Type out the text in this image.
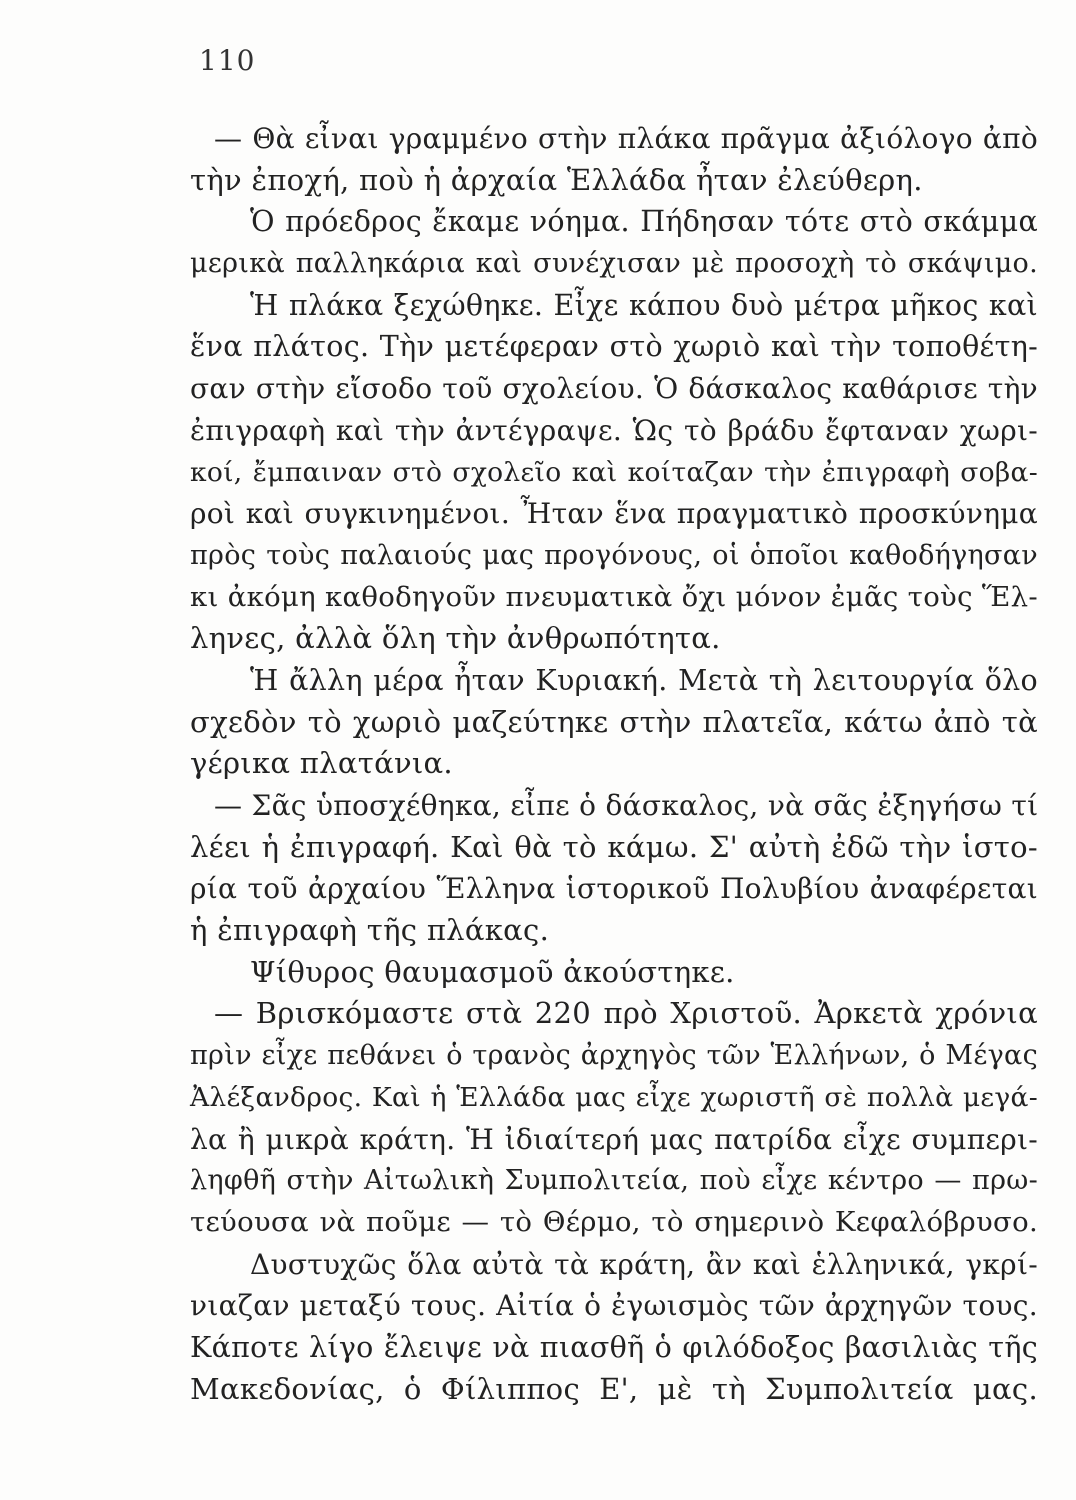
110
— Θὰ εἶναι γραμμένο στὴν πλάκα πρᾶγμα ἀξιόλογο ἀπὸ
τὴν ἐποχή, ποὺ ἡ ἀρχαία Ἑλλάδα ἦταν ἐλεύθερη.
Ὁ πρόεδρος ἔκαμε νόημα. Πήδησαν τότε στὸ σκάμμα
μερικὰ παλληκάρια καὶ συνέχισαν μὲ προσοχὴ τὸ σκάψιμο.
Ἡ πλάκα ξεχώθηκε. Εἶχε κάπου δυὸ μέτρα μῆκος καὶ
ἕνα πλάτος. Τὴν μετέφεραν στὸ χωριὸ καὶ τὴν τοποθέτη-
σαν στὴν εἴσοδο τοῦ σχολείου. Ὁ δάσκαλος καθάρισε τὴν
ἐπιγραφὴ καὶ τὴν ἀντέγραψε. Ὡς τὸ βράδυ ἔφταναν χωρι-
κοί, ἔμπαιναν στὸ σχολεῖο καὶ κοίταζαν τὴν ἐπιγραφὴ σοβα-
ροὶ καὶ συγκινημένοι. Ἦταν ἕνα πραγματικὸ προσκύνημα
πρὸς τοὺς παλαιούς μας προγόνους, οἱ ὁποῖοι καθοδήγησαν
κι ἀκόμη καθοδηγοῦν πνευματικὰ ὄχι μόνον ἐμᾶς τοὺς Ἕλ-
ληνες, ἀλλὰ ὅλη τὴν ἀνθρωπότητα.
Ἡ ἄλλη μέρα ἦταν Κυριακή. Μετὰ τὴ λειτουργία ὅλο
σχεδὸν τὸ χωριὸ μαζεύτηκε στὴν πλατεῖα, κάτω ἀπὸ τὰ
γέρικα πλατάνια.
— Σᾶς ὑποσχέθηκα, εἶπε ὁ δάσκαλος, νὰ σᾶς ἐξηγήσω τί
λέει ἡ ἐπιγραφή. Καὶ θὰ τὸ κάμω. Σ' αὐτὴ ἐδῶ τὴν ἱστο-
ρία τοῦ ἀρχαίου Ἕλληνα ἱστορικοῦ Πολυβίου ἀναφέρεται
ἡ ἐπιγραφὴ τῆς πλάκας.
Ψίθυρος θαυμασμοῦ ἀκούστηκε.
— Βρισκόμαστε στὰ 220 πρὸ Χριστοῦ. Ἀρκετὰ χρόνια
πρὶν εἶχε πεθάνει ὁ τρανὸς ἀρχηγὸς τῶν Ἑλλήνων, ὁ Μέγας
Ἀλέξανδρος. Καὶ ἡ Ἑλλάδα μας εἶχε χωριστῆ σὲ πολλὰ μεγά-
λα ἢ μικρὰ κράτη. Ἡ ἰδιαίτερή μας πατρίδα εἶχε συμπερι-
ληφθῆ στὴν Αἰτωλικὴ Συμπολιτεία, ποὺ εἶχε κέντρο — πρω-
τεύουσα νὰ ποῦμε — τὸ Θέρμο, τὸ σημερινὸ Κεφαλόβρυσο.
Δυστυχῶς ὅλα αὐτὰ τὰ κράτη, ἂν καὶ ἑλληνικά, γκρί-
νιαζαν μεταξύ τους. Αἰτία ὁ ἐγωισμὸς τῶν ἀρχηγῶν τους.
Κάποτε λίγο ἔλειψε νὰ πιασθῆ ὁ φιλόδοξος βασιλιὰς τῆς
Μακεδονίας, ὁ Φίλιππος Ε', μὲ τὴ Συμπολιτεία μας.
